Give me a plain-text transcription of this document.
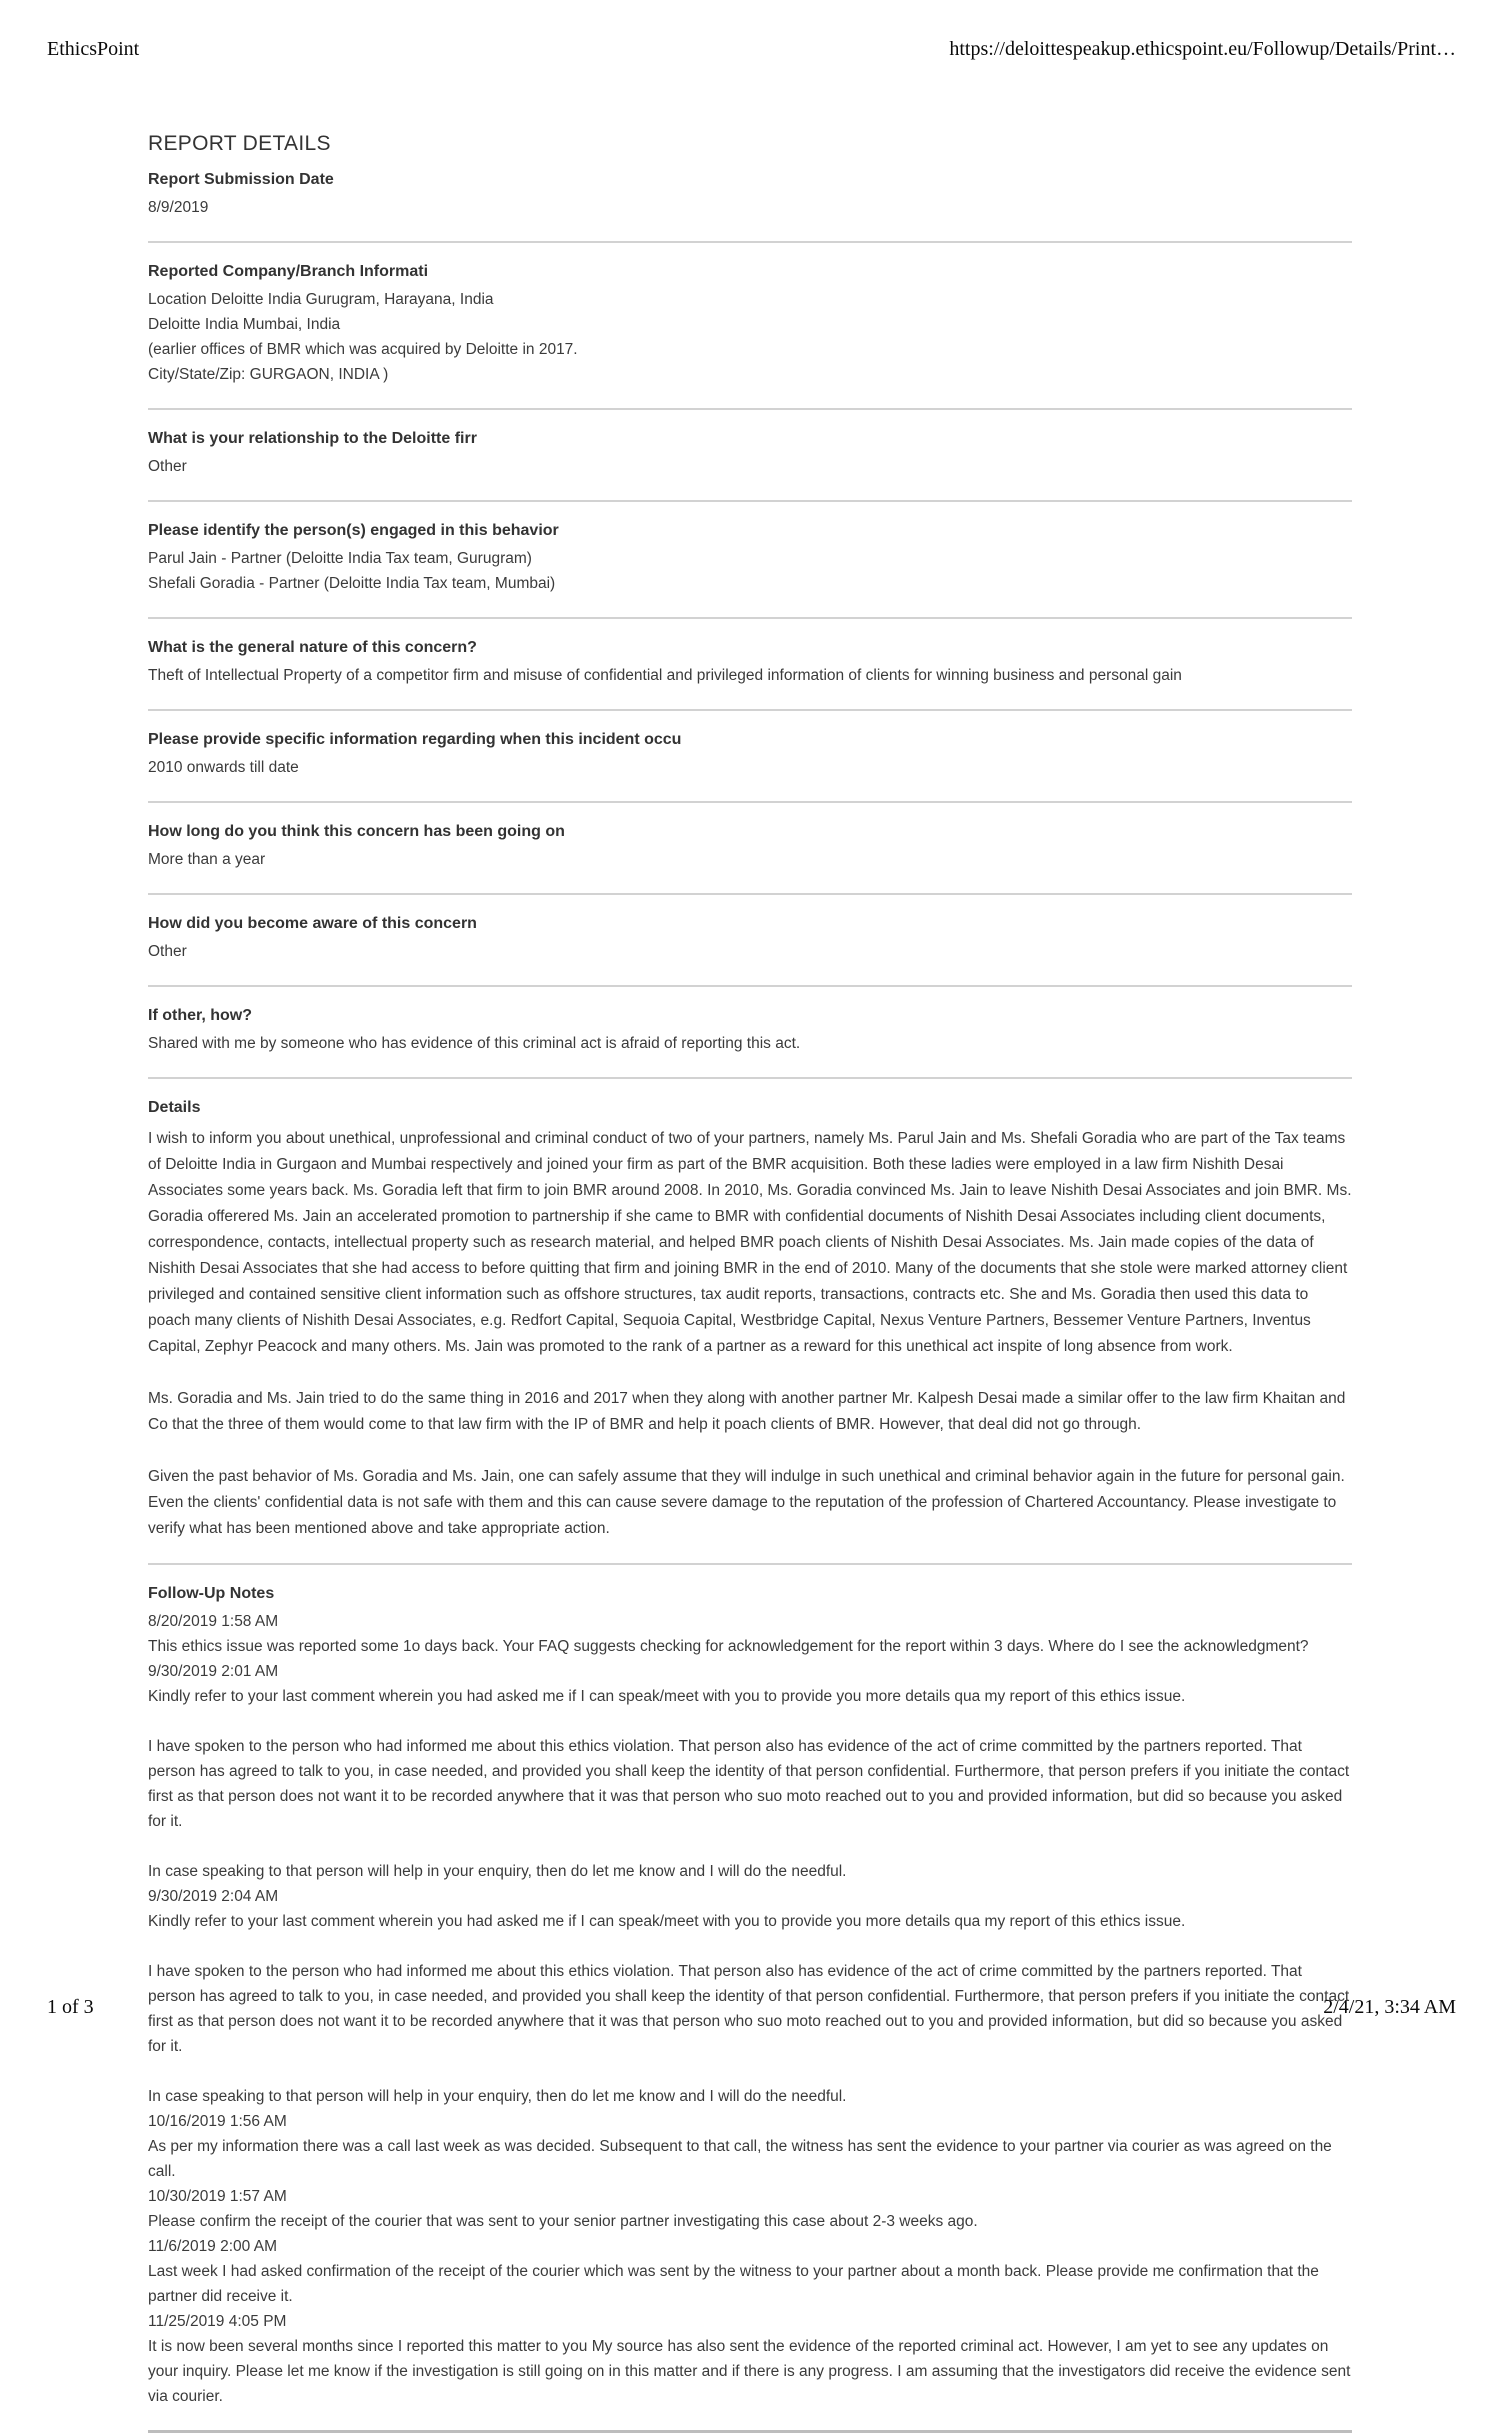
EthicsPoint	https://deloittespeakup.ethicspoint.eu/Followup/Details/Print…
REPORT DETAILS
Report Submission Date
8/9/2019
Reported Company/Branch Informati
Location Deloitte India Gurugram, Harayana, India
Deloitte India Mumbai, India
(earlier offices of BMR which was acquired by Deloitte in 2017.
City/State/Zip: GURGAON, INDIA )
What is your relationship to the Deloitte firr
Other
Please identify the person(s) engaged in this behavior
Parul Jain - Partner (Deloitte India Tax team, Gurugram)
Shefali Goradia - Partner (Deloitte India Tax team, Mumbai)
What is the general nature of this concern?
Theft of Intellectual Property of a competitor firm and misuse of confidential and privileged information of clients for winning business and personal gain
Please provide specific information regarding when this incident occu
2010 onwards till date
How long do you think this concern has been going on
More than a year
How did you become aware of this concern
Other
If other, how?
Shared with me by someone who has evidence of this criminal act is afraid of reporting this act.
Details
I wish to inform you about unethical, unprofessional and criminal conduct of two of your partners, namely Ms. Parul Jain and Ms. Shefali Goradia who are part of the Tax teams of Deloitte India in Gurgaon and Mumbai respectively and joined your firm as part of the BMR acquisition. Both these ladies were employed in a law firm Nishith Desai Associates some years back. Ms. Goradia left that firm to join BMR around 2008. In 2010, Ms. Goradia convinced Ms. Jain to leave Nishith Desai Associates and join BMR. Ms. Goradia offerered Ms. Jain an accelerated promotion to partnership if she came to BMR with confidential documents of Nishith Desai Associates including client documents, correspondence, contacts, intellectual property such as research material, and helped BMR poach clients of Nishith Desai Associates. Ms. Jain made copies of the data of Nishith Desai Associates that she had access to before quitting that firm and joining BMR in the end of 2010. Many of the documents that she stole were marked attorney client privileged and contained sensitive client information such as offshore structures, tax audit reports, transactions, contracts etc. She and Ms. Goradia then used this data to poach many clients of Nishith Desai Associates, e.g. Redfort Capital, Sequoia Capital, Westbridge Capital, Nexus Venture Partners, Bessemer Venture Partners, Inventus Capital, Zephyr Peacock and many others. Ms. Jain was promoted to the rank of a partner as a reward for this unethical act inspite of long absence from work.
Ms. Goradia and Ms. Jain tried to do the same thing in 2016 and 2017 when they along with another partner Mr. Kalpesh Desai made a similar offer to the law firm Khaitan and Co that the three of them would come to that law firm with the IP of BMR and help it poach clients of BMR. However, that deal did not go through.
Given the past behavior of Ms. Goradia and Ms. Jain, one can safely assume that they will indulge in such unethical and criminal behavior again in the future for personal gain. Even the clients' confidential data is not safe with them and this can cause severe damage to the reputation of the profession of Chartered Accountancy. Please investigate to verify what has been mentioned above and take appropriate action.
Follow-Up Notes
8/20/2019 1:58 AM
This ethics issue was reported some 1o days back. Your FAQ suggests checking for acknowledgement for the report within 3 days. Where do I see the acknowledgment?
9/30/2019 2:01 AM
Kindly refer to your last comment wherein you had asked me if I can speak/meet with you to provide you more details qua my report of this ethics issue.
I have spoken to the person who had informed me about this ethics violation. That person also has evidence of the act of crime committed by the partners reported. That person has agreed to talk to you, in case needed, and provided you shall keep the identity of that person confidential. Furthermore, that person prefers if you initiate the contact first as that person does not want it to be recorded anywhere that it was that person who suo moto reached out to you and provided information, but did so because you asked for it.
In case speaking to that person will help in your enquiry, then do let me know and I will do the needful.
9/30/2019 2:04 AM
Kindly refer to your last comment wherein you had asked me if I can speak/meet with you to provide you more details qua my report of this ethics issue.
I have spoken to the person who had informed me about this ethics violation. That person also has evidence of the act of crime committed by the partners reported. That person has agreed to talk to you, in case needed, and provided you shall keep the identity of that person confidential. Furthermore, that person prefers if you initiate the contact first as that person does not want it to be recorded anywhere that it was that person who suo moto reached out to you and provided information, but did so because you asked for it.
In case speaking to that person will help in your enquiry, then do let me know and I will do the needful.
10/16/2019 1:56 AM
As per my information there was a call last week as was decided. Subsequent to that call, the witness has sent the evidence to your partner via courier as was agreed on the call.
10/30/2019 1:57 AM
Please confirm the receipt of the courier that was sent to your senior partner investigating this case about 2-3 weeks ago.
11/6/2019 2:00 AM
Last week I had asked confirmation of the receipt of the courier which was sent by the witness to your partner about a month back. Please provide me confirmation that the partner did receive it.
11/25/2019 4:05 PM
It is now been several months since I reported this matter to you My source has also sent the evidence of the reported criminal act. However, I am yet to see any updates on your inquiry. Please let me know if the investigation is still going on in this matter and if there is any progress. I am assuming that the investigators did receive the evidence sent via courier.
1 of 3	2/4/21, 3:34 AM
